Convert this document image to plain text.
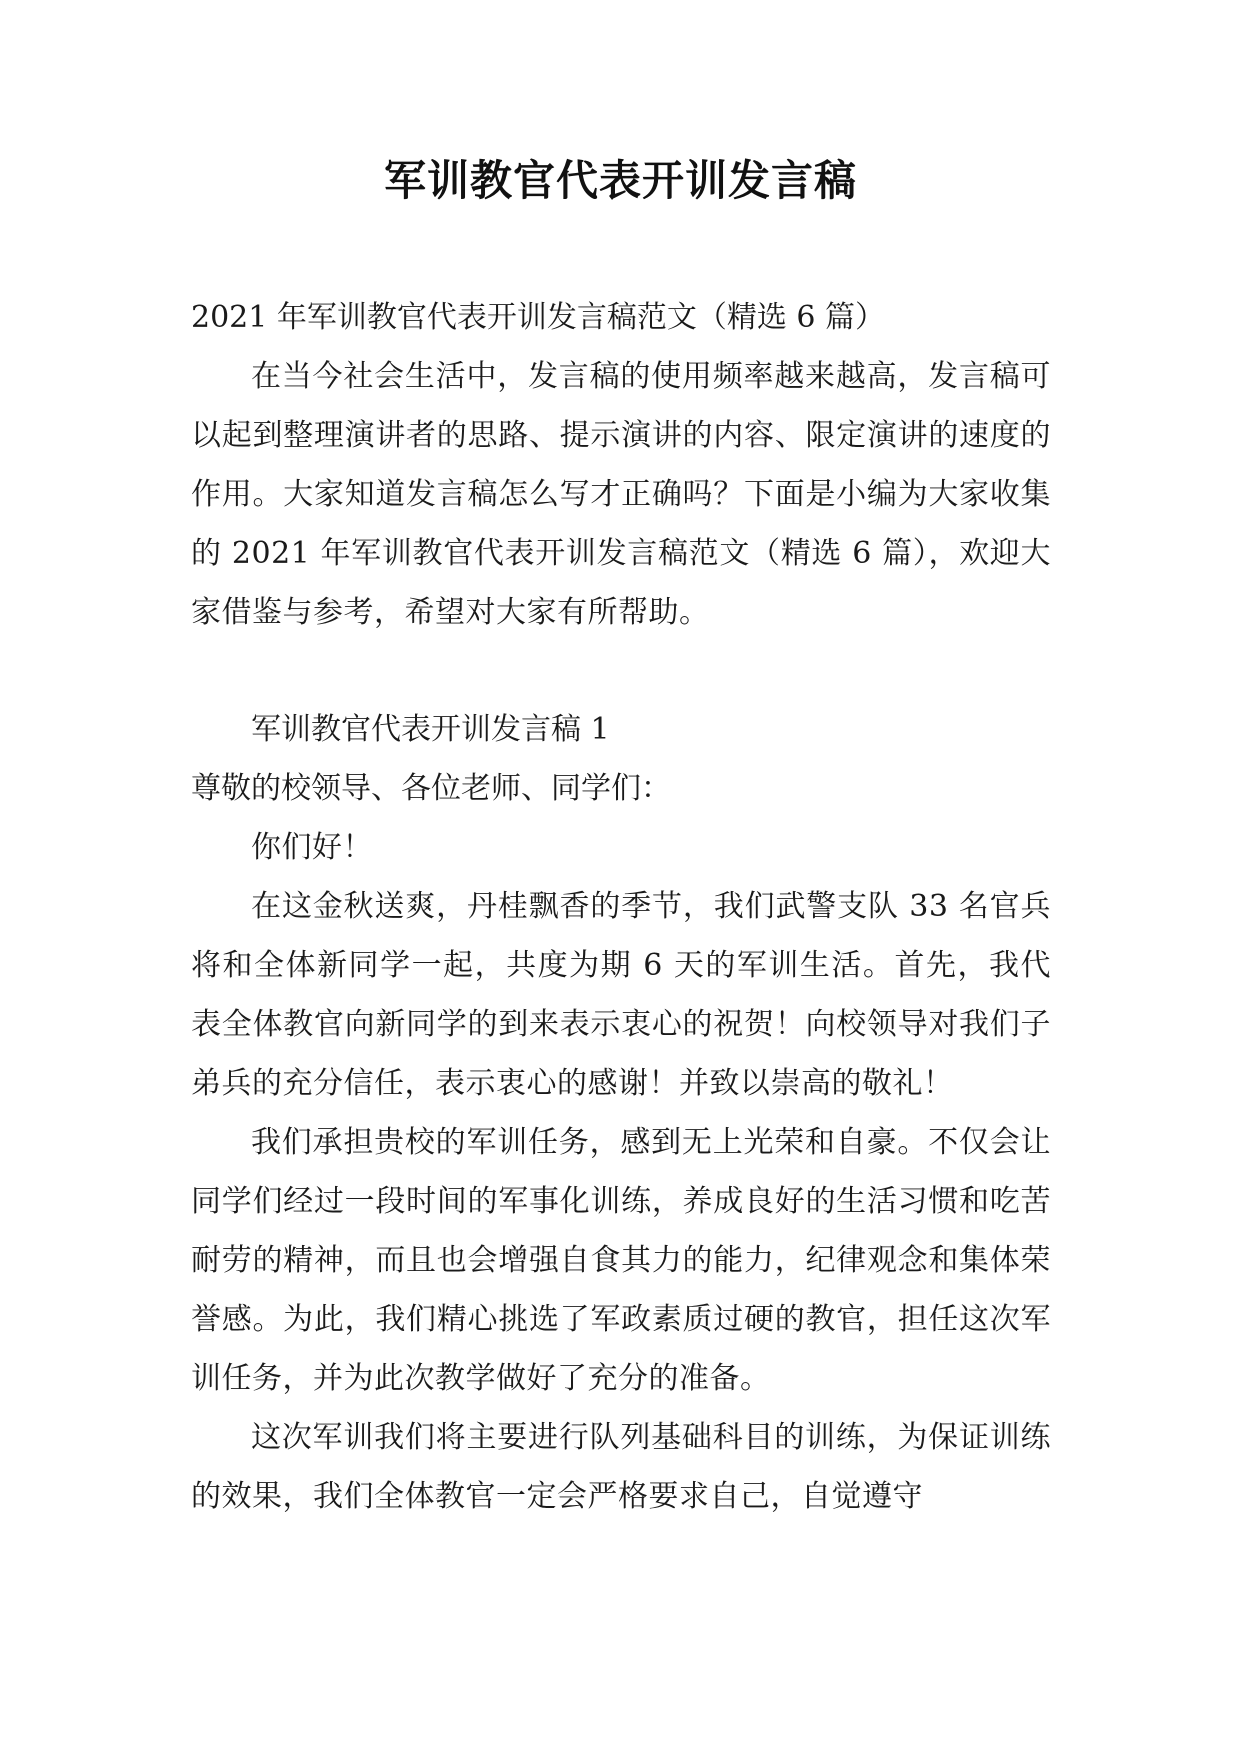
军训教官代表开训发言稿
2021 年军训教官代表开训发言稿范文（精选 6 篇）

在当今社会生活中，发言稿的使用频率越来越高，发言稿可以起到整理演讲者的思路、提示演讲的内容、限定演讲的速度的作用。大家知道发言稿怎么写才正确吗？下面是小编为大家收集的 2021 年军训教官代表开训发言稿范文（精选 6 篇），欢迎大家借鉴与参考，希望对大家有所帮助。

军训教官代表开训发言稿 1

尊敬的校领导、各位老师、同学们：

你们好！

在这金秋送爽，丹桂飘香的季节，我们武警支队 33 名官兵将和全体新同学一起，共度为期 6 天的军训生活。首先，我代表全体教官向新同学的到来表示衷心的祝贺！向校领导对我们子弟兵的充分信任，表示衷心的感谢！并致以崇高的敬礼！

我们承担贵校的军训任务，感到无上光荣和自豪。不仅会让同学们经过一段时间的军事化训练，养成良好的生活习惯和吃苦耐劳的精神，而且也会增强自食其力的能力，纪律观念和集体荣誉感。为此，我们精心挑选了军政素质过硬的教官，担任这次军训任务，并为此次教学做好了充分的准备。

这次军训我们将主要进行队列基础科目的训练，为保证训练的效果，我们全体教官一定会严格要求自己，自觉遵守
